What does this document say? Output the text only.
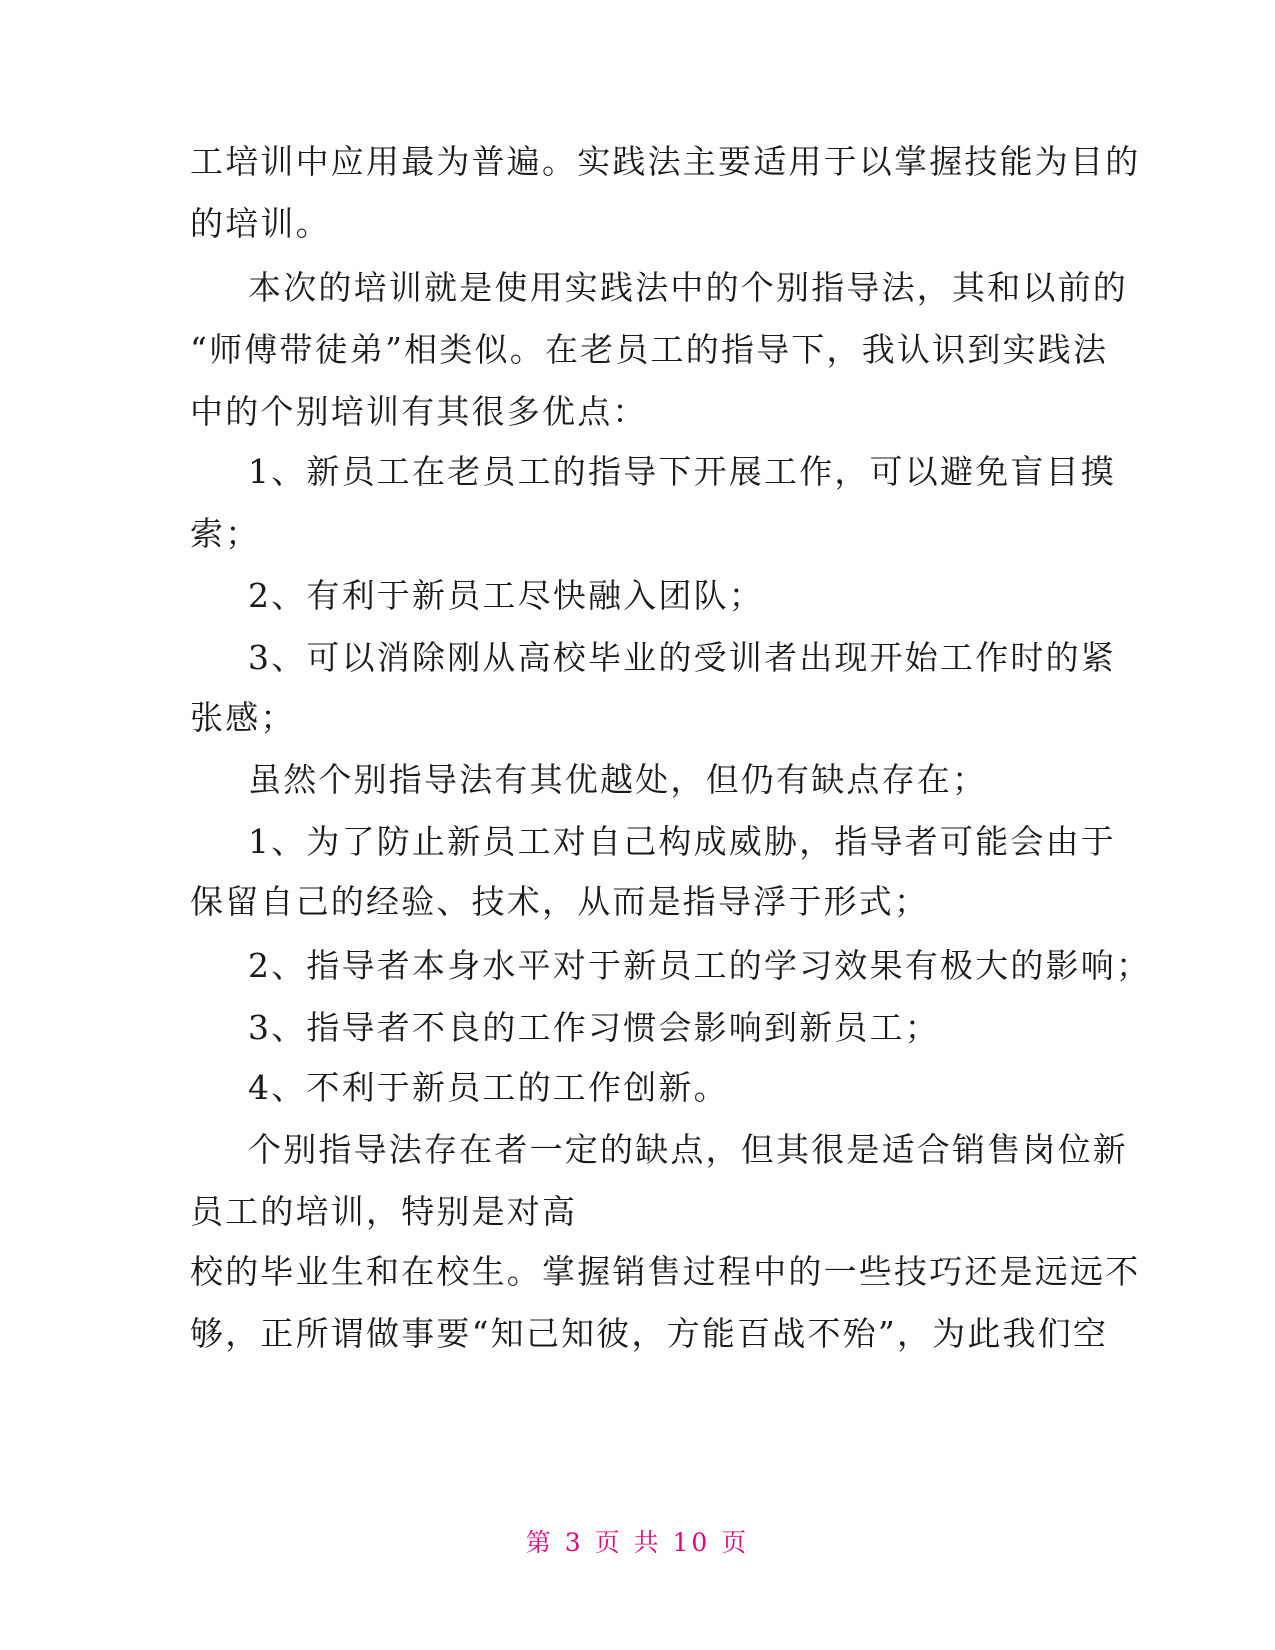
工培训中应用最为普遍。实践法主要适用于以掌握技能为目的
的培训。
本次的培训就是使用实践法中的个别指导法，其和以前的
“师傅带徒弟”相类似。在老员工的指导下，我认识到实践法
中的个别培训有其很多优点：
1、新员工在老员工的指导下开展工作，可以避免盲目摸
索；
2、有利于新员工尽快融入团队；
3、可以消除刚从高校毕业的受训者出现开始工作时的紧
张感；
虽然个别指导法有其优越处，但仍有缺点存在；
1、为了防止新员工对自己构成威胁，指导者可能会由于
保留自己的经验、技术，从而是指导浮于形式；
2、指导者本身水平对于新员工的学习效果有极大的影响；
3、指导者不良的工作习惯会影响到新员工；
4、不利于新员工的工作创新。
个别指导法存在者一定的缺点，但其很是适合销售岗位新
员工的培训，特别是对高
校的毕业生和在校生。掌握销售过程中的一些技巧还是远远不
够，正所谓做事要“知己知彼，方能百战不殆”，为此我们空
第 3 页 共 10 页
